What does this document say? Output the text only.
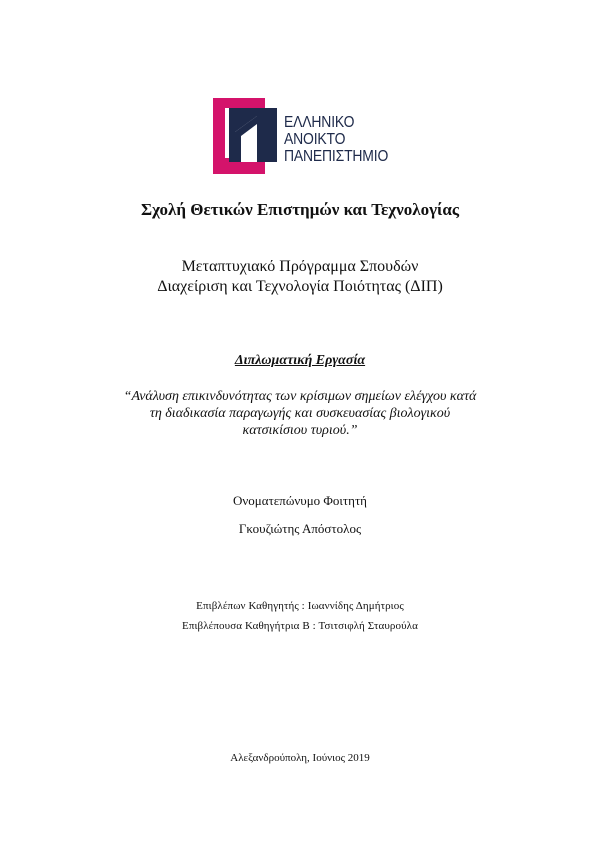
ΕΛΛΗΝΙΚΟ
ΑΝΟΙΚΤΟ
ΠΑΝΕΠΙΣΤΗΜΙΟ
Σχολή Θετικών Επιστημών και Τεχνολογίας
Μεταπτυχιακό Πρόγραμμα Σπουδών
Διαχείριση και Τεχνολογία Ποιότητας (ΔΙΠ)
Διπλωματική Εργασία
“Ανάλυση επικινδυνότητας των κρίσιμων σημείων ελέγχου κατά
τη διαδικασία παραγωγής και συσκευασίας βιολογικού
κατσικίσιου τυριού.”
Ονοματεπώνυμο Φοιτητή
Γκουζιώτης Απόστολος
Επιβλέπων Καθηγητής : Ιωαννίδης Δημήτριος
Επιβλέπουσα Καθηγήτρια Β : Τσιτσιφλή Σταυρούλα
Αλεξανδρούπολη, Ιούνιος 2019
